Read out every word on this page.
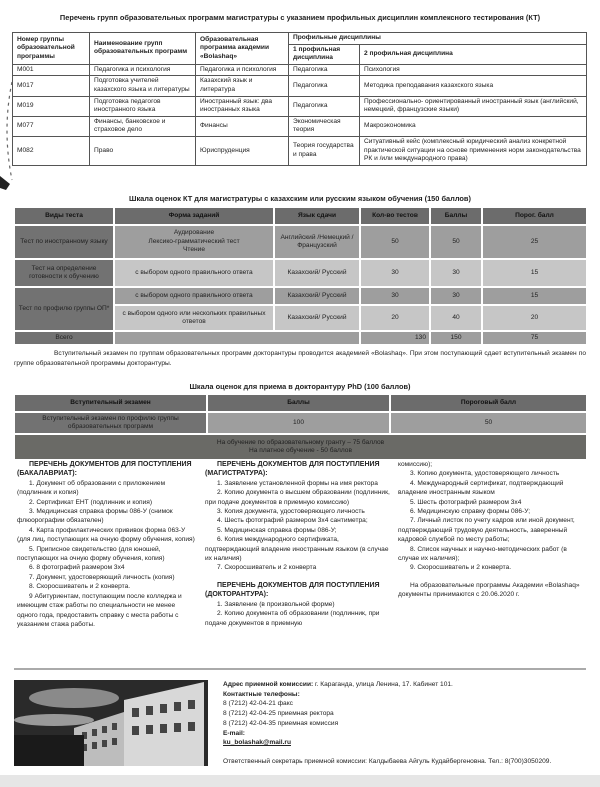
Перечень групп образовательных программ магистратуры с указанием профильных дисциплин комплексного тестирования (КТ)
Номер группы образовательной программы	Наименование групп образовательных программ	Образовательная программа академии «Bolashaq»	Профильные дисциплины	
			1 профильная дисциплина	2 профильная дисциплина
M001	Педагогика и психология	Педагогика и психология	Педагогика	Психология
M017	Подготовка учителей казахского языка и литературы	Казахский язык и литература	Педагогика	Методика преподавания казахского языка
M019	Подготовка педагогов иностранного языка	Иностранный язык: два иностранных языка	Педагогика	Профессионально- ориентированный иностранный язык (английский, немецкий, французские языки)
M077	Финансы, банковское и страховое дело	Финансы	Экономическая теория	Макроэкономика
M082	Право	Юриспруденция	Теория государства и права	Ситуативный кейс (комплексный юридический анализ конкретной практической ситуации на основе применения норм законодательства РК и /или международного права)
Шкала оценок КТ для магистратуры с казахским или русским языком обучения (150 баллов)
Виды теста	Форма заданий	Язык сдачи	Кол-во тестов	Баллы	Порог. балл
Тест по иностранному языку	Аудирование
Лексико-грамматический тест
Чтение	Английский /Немецкий / Французский	50	50	25
Тест на определение готовности к обучению	с выбором одного правильного ответа	Казахский/ Русский	30	30	15
Тест по профилю группы ОП*	с выбором одного правильного ответа	Казахский/ Русский	30	30	15
	с выбором одного или нескольких правильных ответов	Казахский/ Русский	20	40	20
Всего			130	150	75
Вступительный экзамен по группам образовательных программ докторантуры проводится академией «Bolashaq». При этом поступающий сдает вступительный экзамен по группе образовательной программы докторантуры.
Шкала оценок для приема в докторантуру PhD (100 баллов)
Вступительный экзамен	Баллы	Пороговый балл
Вступительный экзамен по профилю группы образовательных программ	100	50

На обучение по образовательному гранту – 75 баллов
На платное обучение - 50 баллов		

ПЕРЕЧЕНЬ ДОКУМЕНТОВ ДЛЯ ПОСТУПЛЕНИЯ (БАКАЛАВРИАТ):

1. Документ об образовании с приложением (подлинник и копия)

2. Сертификат ЕНТ (подлинник и копия)

3. Медицинская справка формы 086-У (снимок флюорографии обязателен)

4. Карта профилактических прививок форма 063-У (для лиц, поступающих на очную форму обучения, копия)

5. Приписное свидетельство (для юношей, поступающих на очную форму обучения, копия)

6. 8 фотографий размером 3x4

7. Документ, удостоверяющий личность (копия)

8. Скоросшиватель и 2 конверта.

9 Абитуриентам, поступающим после колледжа и имеющим стаж работы по специальности не менее одного года, предоставить справку с места работы с указанием стажа работы.

ПЕРЕЧЕНЬ ДОКУМЕНТОВ ДЛЯ ПОСТУПЛЕНИЯ (МАГИСТРАТУРА):

1. Заявление установленной формы на имя ректора

2. Копию документа о высшем образовании (подлинник, при подаче документов в приемную комиссию)

3. Копия документа, удостоверяющего личность

4. Шесть фотографий размером 3x4 сантиметра;

5. Медицинская справка формы 086-У;

6. Копия международного сертификата, подтверждающий владение иностранным языком (в случае их наличия)

7. Скоросшиватель и 2 конверта

ПЕРЕЧЕНЬ ДОКУМЕНТОВ ДЛЯ ПОСТУПЛЕНИЯ (ДОКТОРАНТУРА):

1. Заявление (в произвольной форме)

2. Копию документа об образовании (подлинник, при подаче документов в приемную

комиссию);

3. Копию документа, удостоверяющего личность

4. Международный сертификат, подтверждающий владение иностранным языком

5. Шесть фотографий размером 3x4

6. Медицинскую справку формы 086-У;

7. Личный листок по учету кадров или иной документ, подтверждающий трудовую деятельность, заверенный кадровой службой по месту работы;

8. Список научных и научно-методических работ (в случае их наличия);

9. Скоросшиватель и 2 конверта.

На образовательные программы Академии «Bolashaq» документы принимаются с 20.06.2020 г.

Адрес приемной комиссии: г. Караганда, улица Ленина, 17. Кабинет 101.
Контактные телефоны:
8 (7212) 42-04-21 факс
8 (7212) 42-04-25 приемная ректора
8 (7212) 42-04-35 приемная комиссия
E-mail:
ku_bolashak@mail.ru
Ответственный секретарь приемной комиссии: Калдыбаева Айгуль Кудайбергеновна. Тел.: 8(700)3050209.
